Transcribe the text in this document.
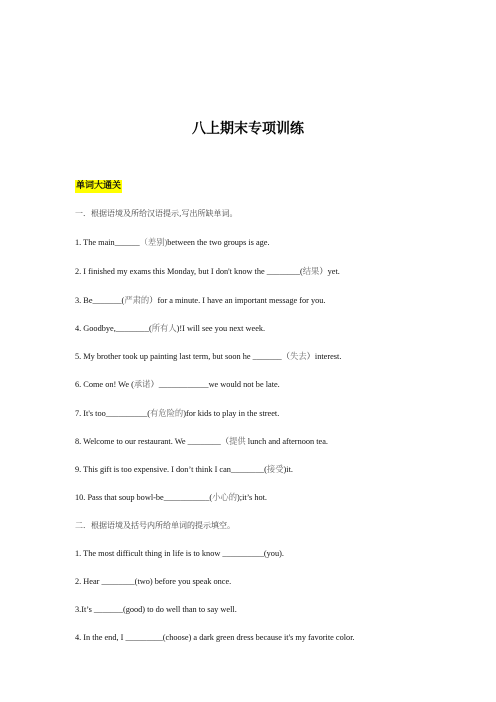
八上期末专项训练
单词大通关
一．根据语境及所给汉语提示,写出所缺单词。
1. The main______（差别)between the two groups is age.
2. I finished my exams this Monday, but I don't know the ________(结果）yet.
3. Be_______(严肃的）for a minute. I have an important message for you.
4. Goodbye,________(所有人)!I will see you next week.
5. My brother took up painting last term, but soon he _______（失去）interest.
6. Come on! We (承诺）____________we would not be late.
7. It's too__________(有危险的)for kids to play in the street.
8. Welcome to our restaurant. We ________（提供 lunch and afternoon tea.
9. This gift is too expensive. I don’t think I can________(接受)it.
10. Pass that soup bowl-be___________(小心的);it’s hot.
二．根据语境及括号内所给单词的提示填空。
1. The most difficult thing in life is to know __________(you).
2. Hear ________(two) before you speak once.
3.It’s _______(good) to do well than to say well.
4. In the end, I _________(choose) a dark green dress because it's my favorite color.
